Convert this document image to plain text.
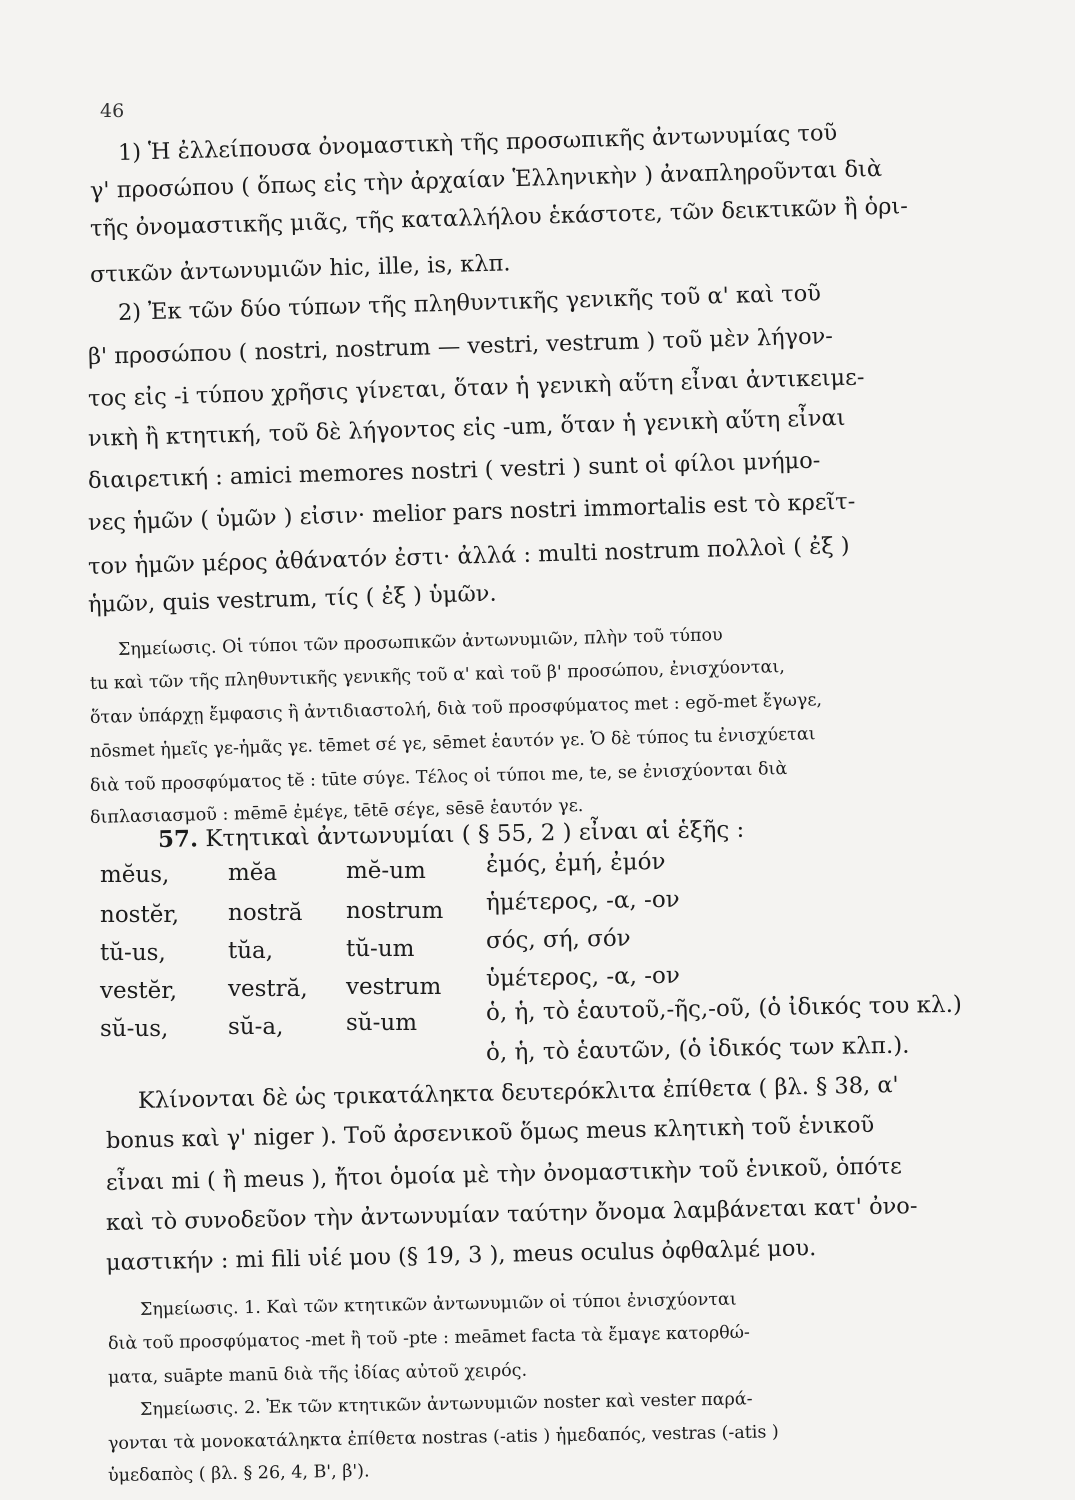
46
1) Ἡ ἐλλείπουσα ὀνομαστικὴ τῆς προσωπικῆς ἀντωνυμίας τοῦ
γ' προσώπου ( ὅπως εἰς τὴν ἀρχαίαν Ἑλληνικὴν ) ἀναπληροῦνται διὰ
τῆς ὀνομαστικῆς μιᾶς, τῆς καταλλήλου ἑκάστοτε, τῶν δεικτικῶν ἢ ὁρι-
στικῶν ἀντωνυμιῶν hic, ille, is, κλπ.
2) Ἐκ τῶν δύο τύπων τῆς πληθυντικῆς γενικῆς τοῦ α' καὶ τοῦ
β' προσώπου ( nostri, nostrum — vestri, vestrum ) τοῦ μὲν λήγον-
τος εἰς -i τύπου χρῆσις γίνεται, ὅταν ἡ γενικὴ αὕτη εἶναι ἀντικειμε-
νικὴ ἢ κτητική, τοῦ δὲ λήγοντος εἰς -um, ὅταν ἡ γενικὴ αὕτη εἶναι
διαιρετική : amici memores nostri ( vestri ) sunt οἱ φίλοι μνήμο-
νες ἡμῶν ( ὑμῶν ) εἰσιν· melior pars nostri immortalis est τὸ κρεῖτ-
τον ἡμῶν μέρος ἀθάνατόν ἐστι· ἀλλά : multi nostrum πολλοὶ ( ἐξ )
ἡμῶν, quis vestrum, τίς ( ἐξ ) ὑμῶν.
Σημείωσις. Οἱ τύποι τῶν προσωπικῶν ἀντωνυμιῶν, πλὴν τοῦ τύπου
tu καὶ τῶν τῆς πληθυντικῆς γενικῆς τοῦ α' καὶ τοῦ β' προσώπου, ἐνισχύονται,
ὅταν ὑπάρχῃ ἔμφασις ἢ ἀντιδιαστολή, διὰ τοῦ προσφύματος met : egŏ-met ἔγωγε,
nōsmet ἡμεῖς γε-ἡμᾶς γε. tēmet σέ γε, sēmet ἑαυτόν γε. Ὁ δὲ τύπος tu ἐνισχύεται
διὰ τοῦ προσφύματος tĕ : tūte σύγε. Τέλος οἱ τύποι me, te, se ἐνισχύονται διὰ
διπλασιασμοῦ : mēmē ἐμέγε, tētē σέγε, sēsē ἑαυτόν γε.
57. Κτητικαὶ ἀντωνυμίαι ( § 55, 2 ) εἶναι αἱ ἑξῆς :
mĕus,	mĕa	mĕ-um	ἐμός, ἐμή, ἐμόν
nostĕr, nostră nostrum ἡμέτερος, -α, -ον
tŭ-us,	tŭa,	tŭ-um	σός, σή, σόν
vestĕr, vestră, vestrum ὑμέτερος, -α, -ον
sŭ-us,	sŭ-a,	sŭ-um	ὁ, ἡ, τὸ ἑαυτοῦ,-ῆς,-οῦ, (ὁ ἰδικός του κλ.)
ὁ, ἡ, τὸ ἑαυτῶν, (ὁ ἰδικός των κλπ.).
Κλίνονται δὲ ὡς τρικατάληκτα δευτερόκλιτα ἐπίθετα ( βλ. § 38, α'
bonus καὶ γ' niger ). Τοῦ ἀρσενικοῦ ὅμως meus κλητικὴ τοῦ ἑνικοῦ
εἶναι mi ( ἢ meus ), ἤτοι ὁμοία μὲ τὴν ὀνομαστικὴν τοῦ ἑνικοῦ, ὁπότε
καὶ τὸ συνοδεῦον τὴν ἀντωνυμίαν ταύτην ὄνομα λαμβάνεται κατ' ὀνο-
μαστικήν : mi fili υἱέ μου (§ 19, 3 ), meus oculus ὀφθαλμέ μου.
Σημείωσις. 1. Καὶ τῶν κτητικῶν ἀντωνυμιῶν οἱ τύποι ἐνισχύονται
διὰ τοῦ προσφύματος -met ἢ τοῦ -pte : meāmet facta τὰ ἔμαγε κατορθώ-
ματα, suāpte manū διὰ τῆς ἰδίας αὐτοῦ χειρός.
Σημείωσις. 2. Ἐκ τῶν κτητικῶν ἀντωνυμιῶν noster καὶ vester παρά-
γονται τὰ μονοκατάληκτα ἐπίθετα nostras (-atis ) ἡμεδαπός, vestras (-atis )
ὑμεδαπὸς ( βλ. § 26, 4, Β', β').
